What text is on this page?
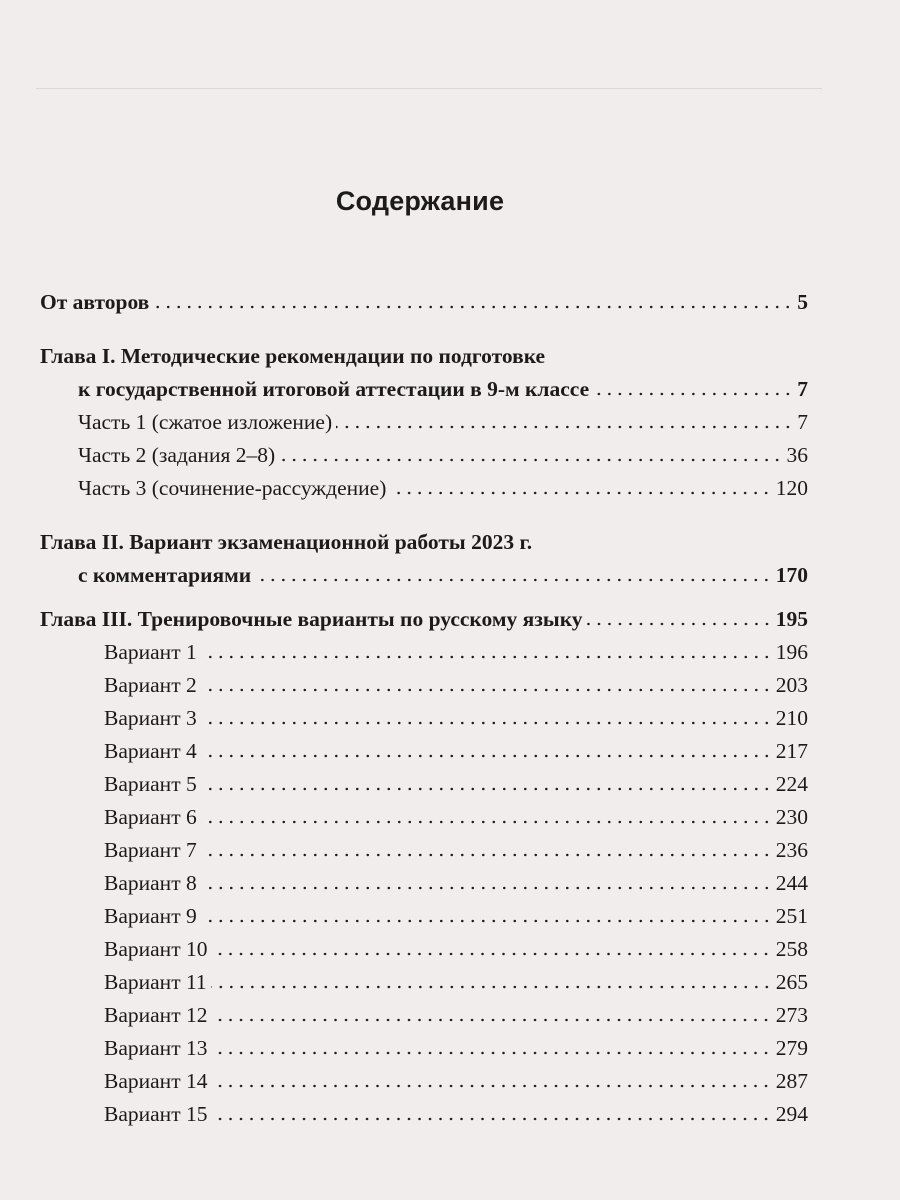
Содержание
От авторов	5
Глава I. Методические рекомендации по подготовке
к государственной итоговой аттестации в 9-м классе	7
Часть 1 (сжатое изложение)	7
Часть 2 (задания 2–8)	36
Часть 3 (сочинение-рассуждение)	120
Глава II. Вариант экзаменационной работы 2023 г.
с комментариями	170
Глава III. Тренировочные варианты по русскому языку	195
Вариант 1	196
Вариант 2	203
Вариант 3	210
Вариант 4	217
Вариант 5	224
Вариант 6	230
Вариант 7	236
Вариант 8	244
Вариант 9	251
Вариант 10	258
Вариант 11	265
Вариант 12	273
Вариант 13	279
Вариант 14	287
Вариант 15	294
